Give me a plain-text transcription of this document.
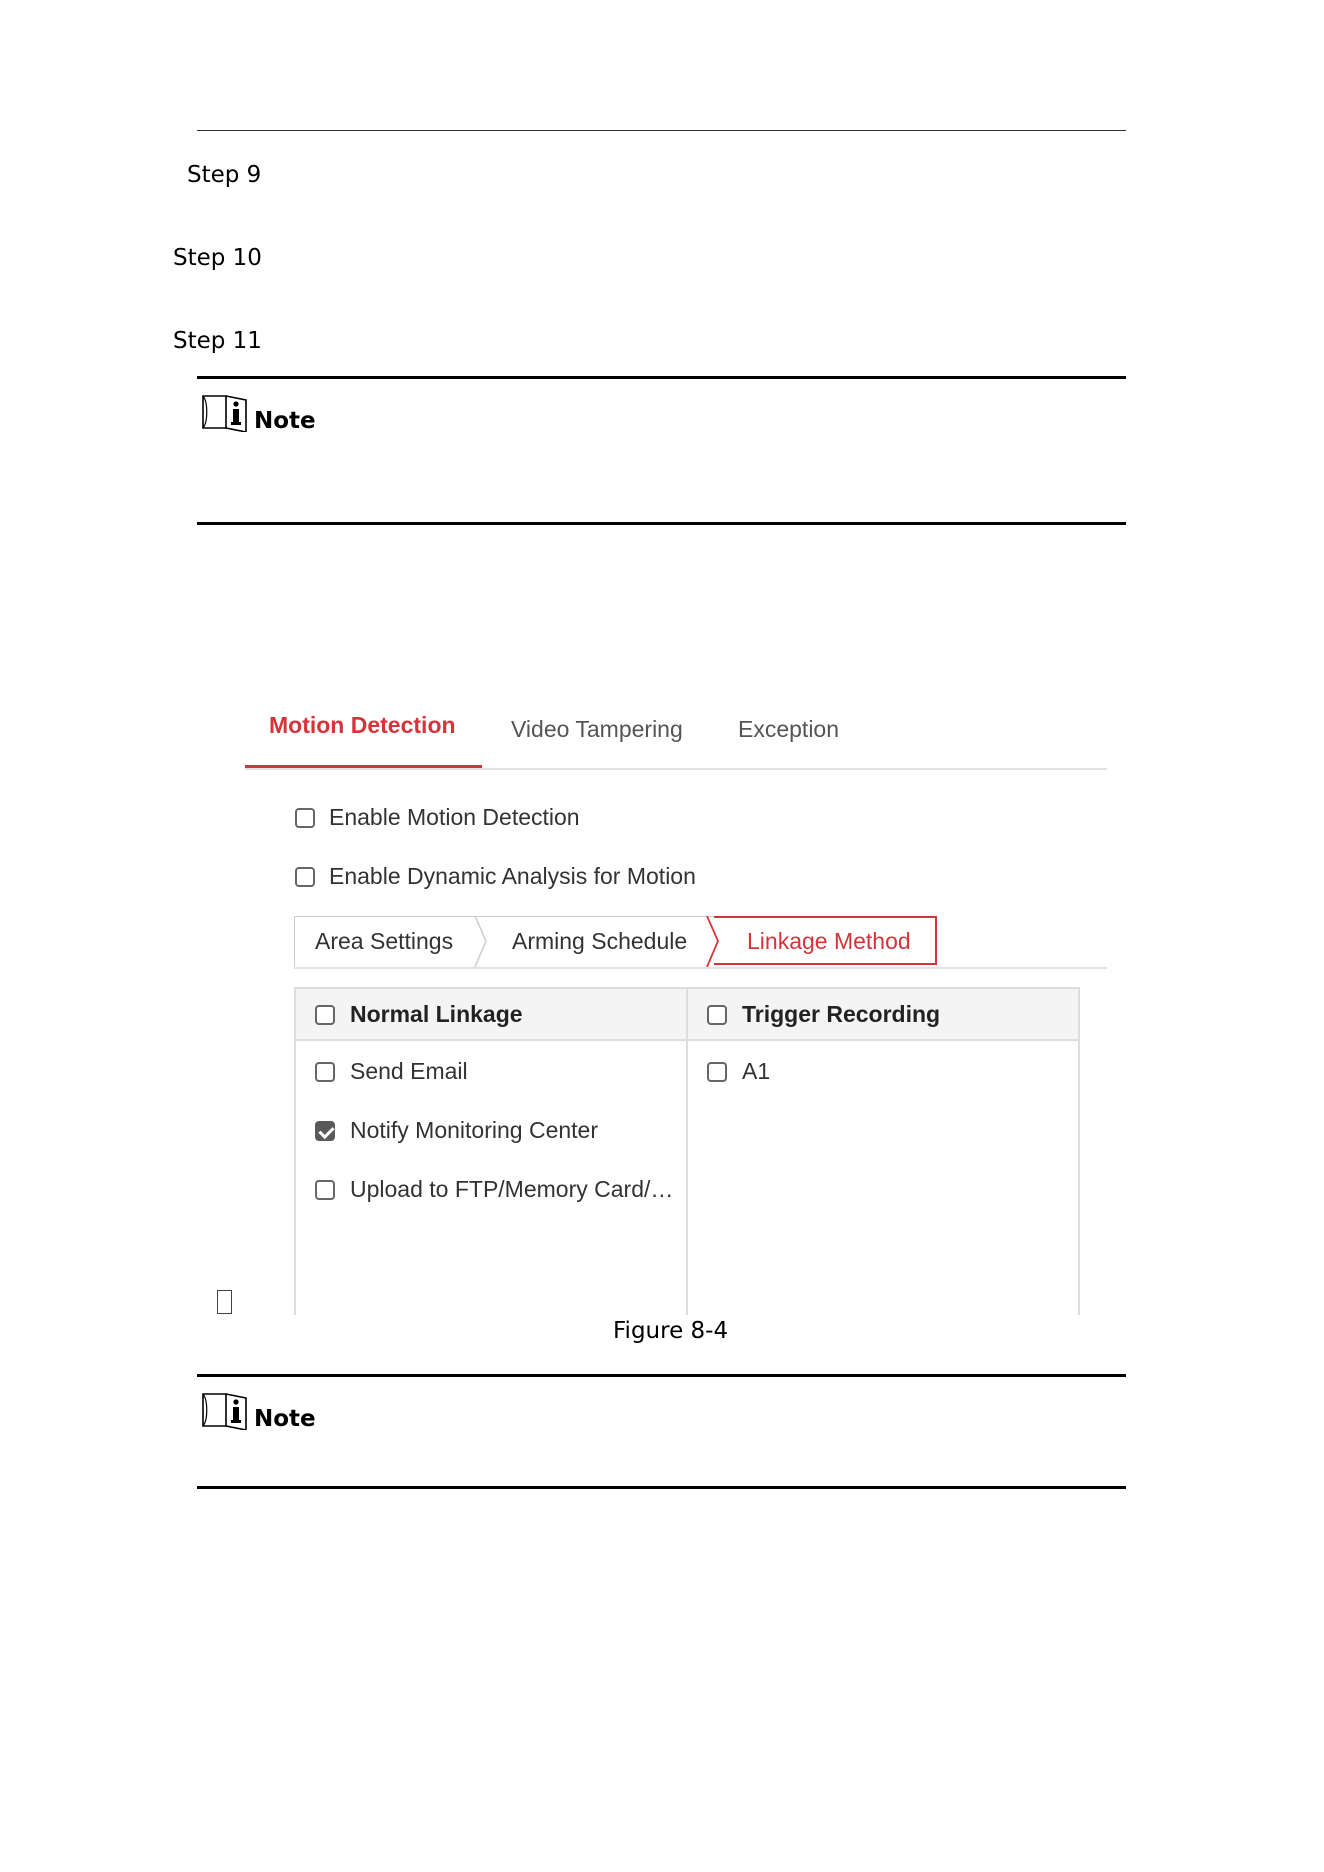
Step 9
Step 10
Step 11
Note
Motion Detection Video Tampering Exception
Enable Motion Detection
Enable Dynamic Analysis for Motion
Area Settings	Arming Schedule	Linkage Method
Normal Linkage	Trigger Recording
Send Email
Notify Monitoring Center
Upload to FTP/Memory Card/…
A1
Figure 8-4
Note
